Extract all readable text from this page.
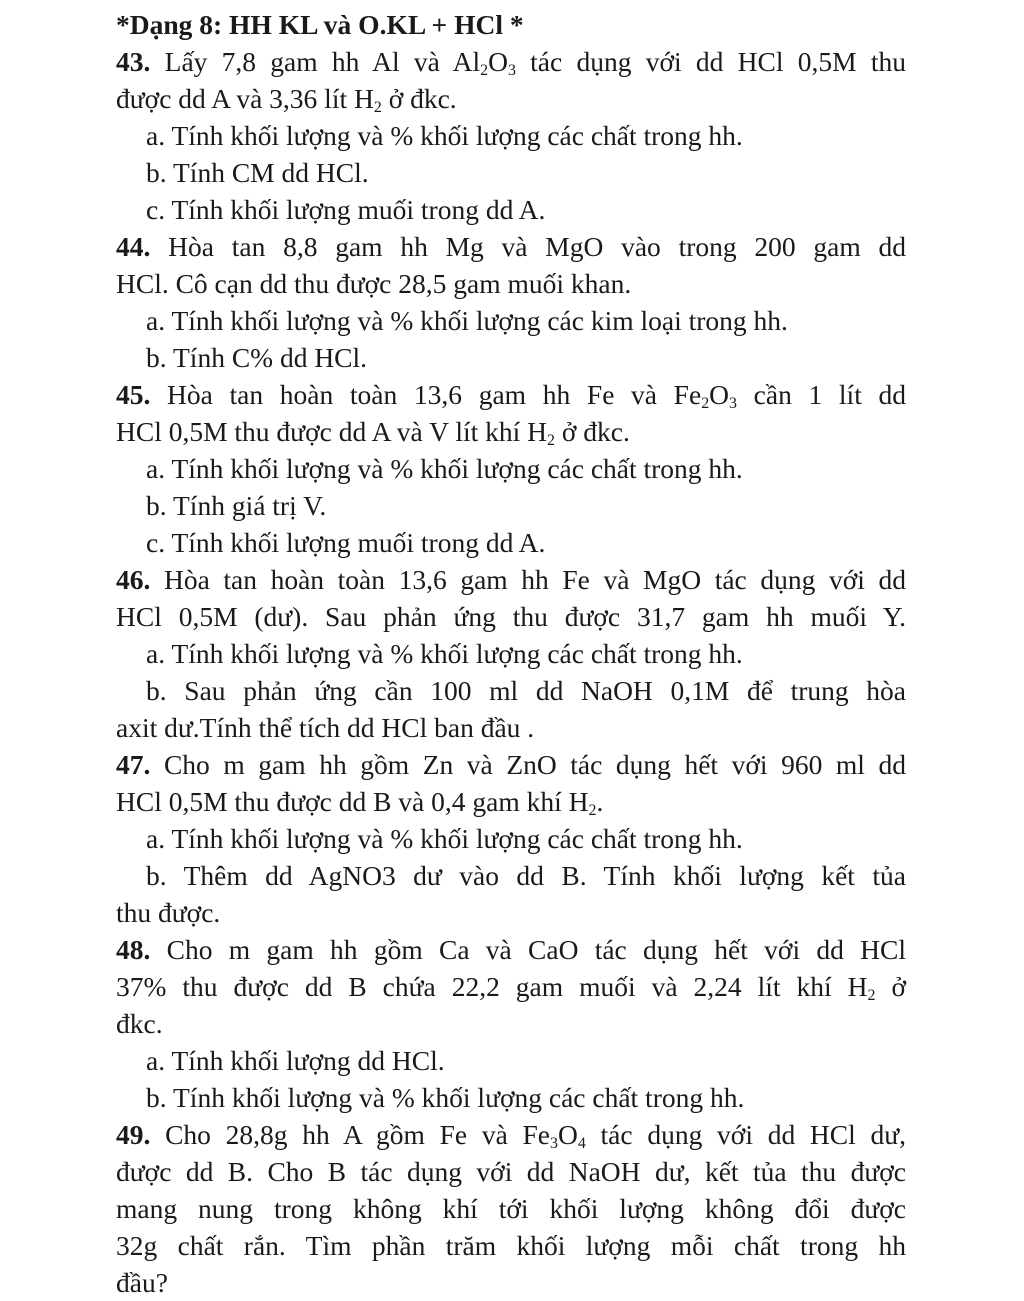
*Dạng 8: HH KL và O.KL + HCl *
43. Lấy 7,8 gam hh Al và $Al_2O_3$ tác dụng với dd HCl 0,5M thu
được dd A và 3,36 lít $H_2$ ở đkc.
a. Tính khối lượng và % khối lượng các chất trong hh.
b. Tính CM dd HCl.
c. Tính khối lượng muối trong dd A.
44. Hòa tan 8,8 gam hh Mg và MgO vào trong 200 gam dd
HCl. Cô cạn dd thu được 28,5 gam muối khan.
a. Tính khối lượng và % khối lượng các kim loại trong hh.
b. Tính C% dd HCl.
45. Hòa tan hoàn toàn 13,6 gam hh Fe và $Fe_2O_3$ cần 1 lít dd
HCl 0,5M thu được dd A và V lít khí $H_2$ ở đkc.
a. Tính khối lượng và % khối lượng các chất trong hh.
b. Tính giá trị V.
c. Tính khối lượng muối trong dd A.
46. Hòa tan hoàn toàn 13,6 gam hh Fe và MgO tác dụng với dd
HCl 0,5M (dư). Sau phản ứng thu được 31,7 gam hh muối Y.
a. Tính khối lượng và % khối lượng các chất trong hh.
b. Sau phản ứng cần 100 ml dd NaOH 0,1M để trung hòa
axit dư.Tính thể tích dd HCl ban đầu .
47. Cho m gam hh gồm Zn và ZnO tác dụng hết với 960 ml dd
HCl 0,5M thu được dd B và 0,4 gam khí $H_2$.
a. Tính khối lượng và % khối lượng các chất trong hh.
b. Thêm dd AgNO3 dư vào dd B. Tính khối lượng kết tủa
thu được.
48. Cho m gam hh gồm Ca và CaO tác dụng hết với dd HCl
37% thu được dd B chứa 22,2 gam muối và 2,24 lít khí $H_2$ ở
đkc.
a. Tính khối lượng dd HCl.
b. Tính khối lượng và % khối lượng các chất trong hh.
49. Cho 28,8g hh A gồm Fe và $Fe_3O_4$ tác dụng với dd HCl dư,
được dd B. Cho B tác dụng với dd NaOH dư, kết tủa thu được
mang nung trong không khí tới khối lượng không đổi được
32g chất rắn. Tìm phần trăm khối lượng mỗi chất trong hh
đầu?
